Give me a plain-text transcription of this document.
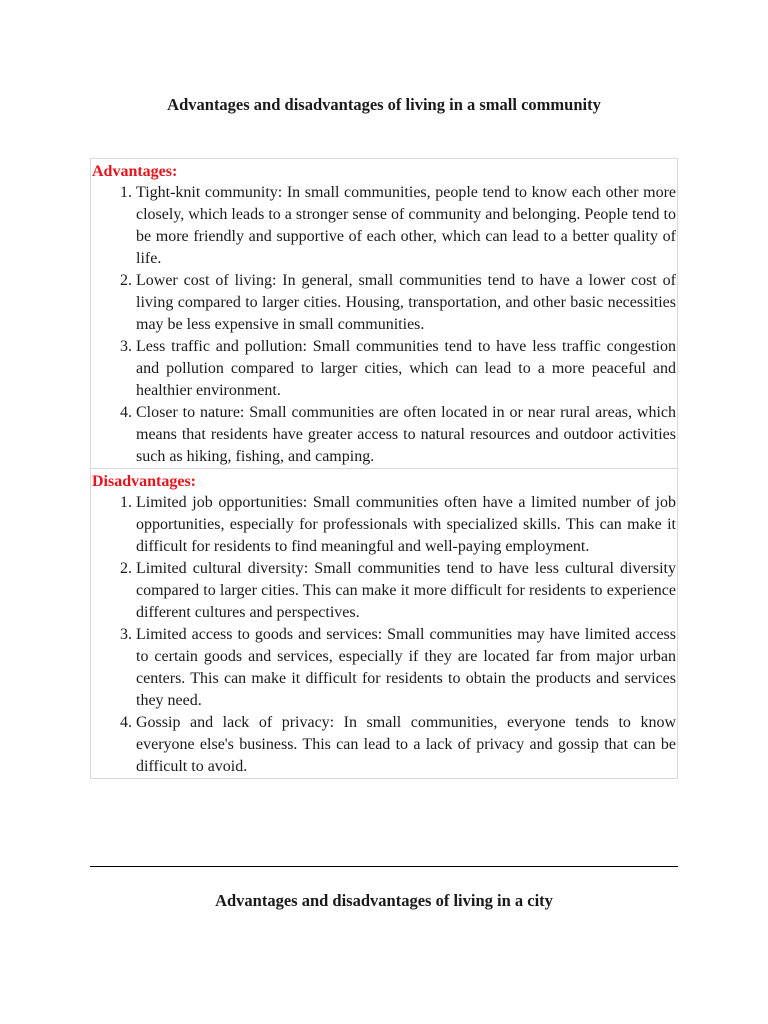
Advantages and disadvantages of living in a small community
Advantages:
1. Tight-knit community: In small communities, people tend to know each other more closely, which leads to a stronger sense of community and belonging. People tend to be more friendly and supportive of each other, which can lead to a better quality of life.
2. Lower cost of living: In general, small communities tend to have a lower cost of living compared to larger cities. Housing, transportation, and other basic necessities may be less expensive in small communities.
3. Less traffic and pollution: Small communities tend to have less traffic congestion and pollution compared to larger cities, which can lead to a more peaceful and healthier environment.
4. Closer to nature: Small communities are often located in or near rural areas, which means that residents have greater access to natural resources and outdoor activities such as hiking, fishing, and camping.
Disadvantages:
1. Limited job opportunities: Small communities often have a limited number of job opportunities, especially for professionals with specialized skills. This can make it difficult for residents to find meaningful and well-paying employment.
2. Limited cultural diversity: Small communities tend to have less cultural diversity compared to larger cities. This can make it more difficult for residents to experience different cultures and perspectives.
3. Limited access to goods and services: Small communities may have limited access to certain goods and services, especially if they are located far from major urban centers. This can make it difficult for residents to obtain the products and services they need.
4. Gossip and lack of privacy: In small communities, everyone tends to know everyone else's business. This can lead to a lack of privacy and gossip that can be difficult to avoid.
Advantages and disadvantages of living in a city
